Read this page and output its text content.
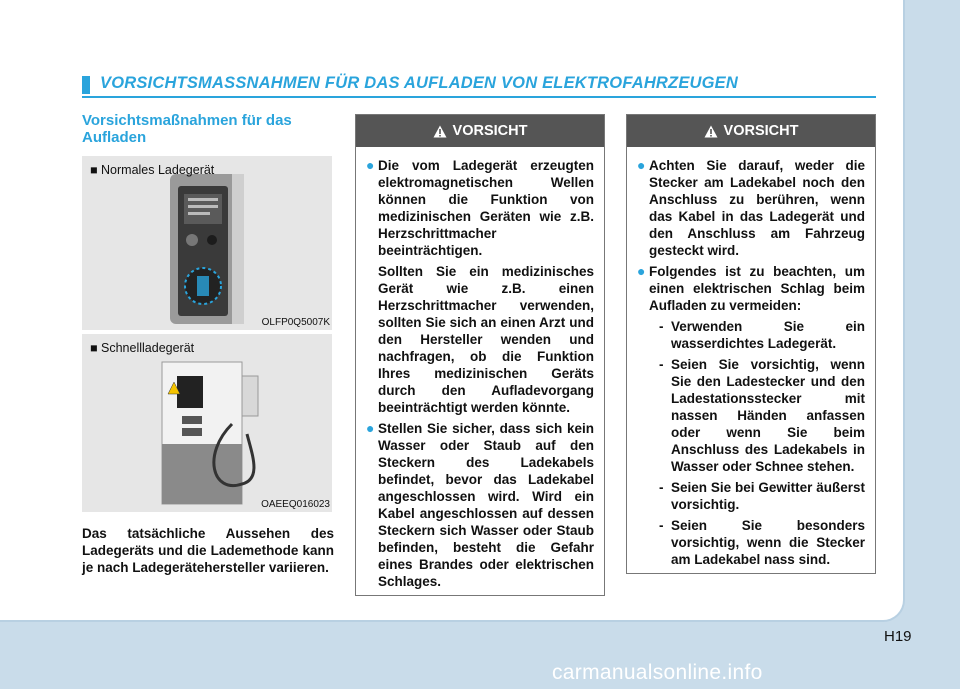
VORSICHTSMASSNAHMEN FÜR DAS AUFLADEN VON ELEKTROFAHRZEUGEN
Vorsichtsmaßnahmen für das Aufladen
■ Normales Ladegerät
OLFP0Q5007K
■ Schnellladegerät
OAEEQ016023
Das tatsächliche Aussehen des Ladegeräts und die Lademethode kann je nach Ladegerätehersteller variieren.
VORSICHT
● Die vom Ladegerät erzeugten elektromagnetischen Wellen können die Funktion von medizinischen Geräten wie z.B. Herzschrittmacher beeinträchtigen.
Sollten Sie ein medizinisches Gerät wie z.B. einen Herzschrittmacher verwenden, sollten Sie sich an einen Arzt und den Hersteller wenden und nachfragen, ob die Funktion Ihres medizinischen Geräts durch den Aufladevorgang beeinträchtigt werden könnte.
● Stellen Sie sicher, dass sich kein Wasser oder Staub auf den Steckern des Ladekabels befindet, bevor das Ladekabel angeschlossen wird. Wird ein Kabel angeschlossen auf dessen Steckern sich Wasser oder Staub befinden, besteht die Gefahr eines Brandes oder elektrischen Schlages.
VORSICHT
● Achten Sie darauf, weder die Stecker am Ladekabel noch den Anschluss zu berühren, wenn das Kabel in das Ladegerät und den Anschluss am Fahrzeug gesteckt wird.
● Folgendes ist zu beachten, um einen elektrischen Schlag beim Aufladen zu vermeiden:
- Verwenden Sie ein wasserdichtes Ladegerät.
- Seien Sie vorsichtig, wenn Sie den Ladestecker und den Ladestationsstecker mit nassen Händen anfassen oder wenn Sie beim Anschluss des Ladekabels in Wasser oder Schnee stehen.
- Seien Sie bei Gewitter äußerst vorsichtig.
- Seien Sie besonders vorsichtig, wenn die Stecker am Ladekabel nass sind.
H19
carmanualsonline.info
